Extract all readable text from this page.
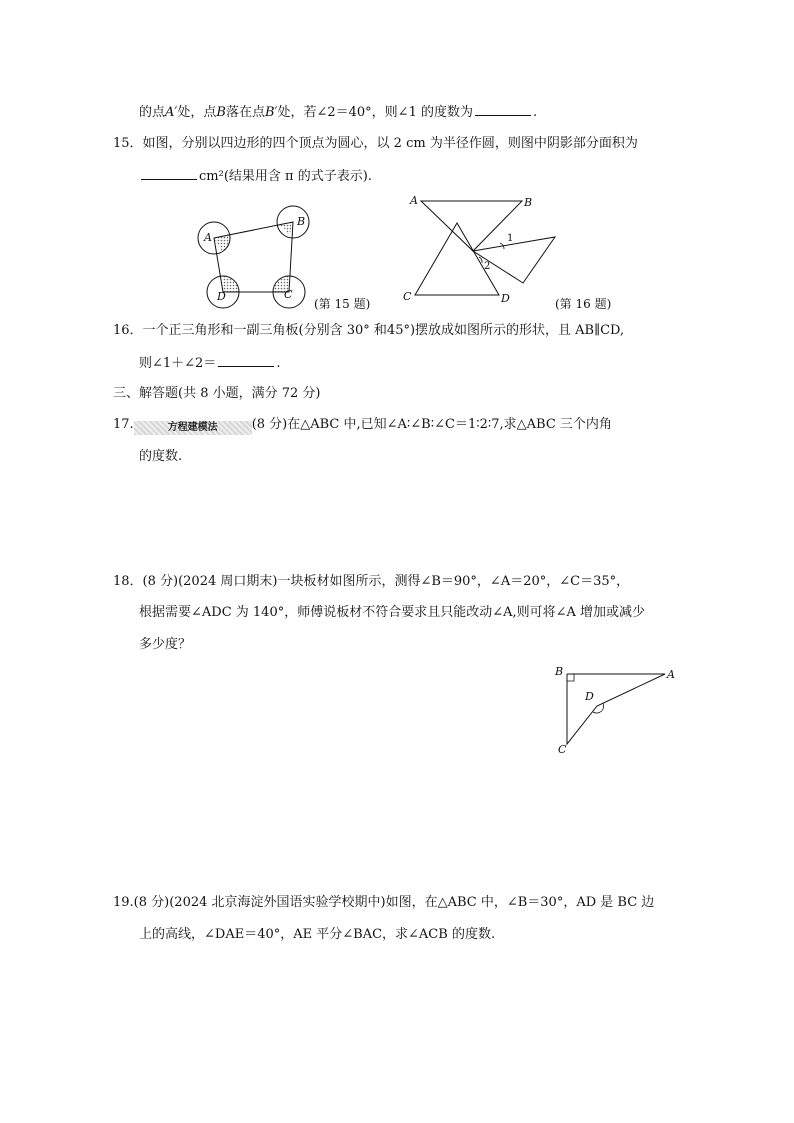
的点A′处，点B落在点B′处，若∠2＝40°，则∠1 的度数为	.
15．如图，分别以四边形的四个顶点为圆心，以 2 cm 为半径作圆，则图中阴影部分面积为
cm²(结果用含 π 的式子表示).
A
B
D	C
(第 15 题)
A	B
C	D
1
2
(第 16 题)
16．一个正三角形和一副三角板(分别含 30° 和45°)摆放成如图所示的形状，且 AB∥CD,
则∠1＋∠2＝	.
三、解答题(共 8 小题，满分 72 分)
17.	方程建模法	(8 分)在△ABC 中,已知∠A∶∠B∶∠C＝1∶2∶7,求△ABC 三个内角
的度数.
18．(8 分)(2024 周口期末)一块板材如图所示，测得∠B＝90°，∠A＝20°，∠C＝35°，
根据需要∠ADC 为 140°，师傅说板材不符合要求且只能改动∠A,则可将∠A 增加或减少
多少度？
B	A
D
C
19.(8 分)(2024 北京海淀外国语实验学校期中)如图，在△ABC 中，∠B＝30°，AD 是 BC 边
上的高线，∠DAE＝40°，AE 平分∠BAC，求∠ACB 的度数.
